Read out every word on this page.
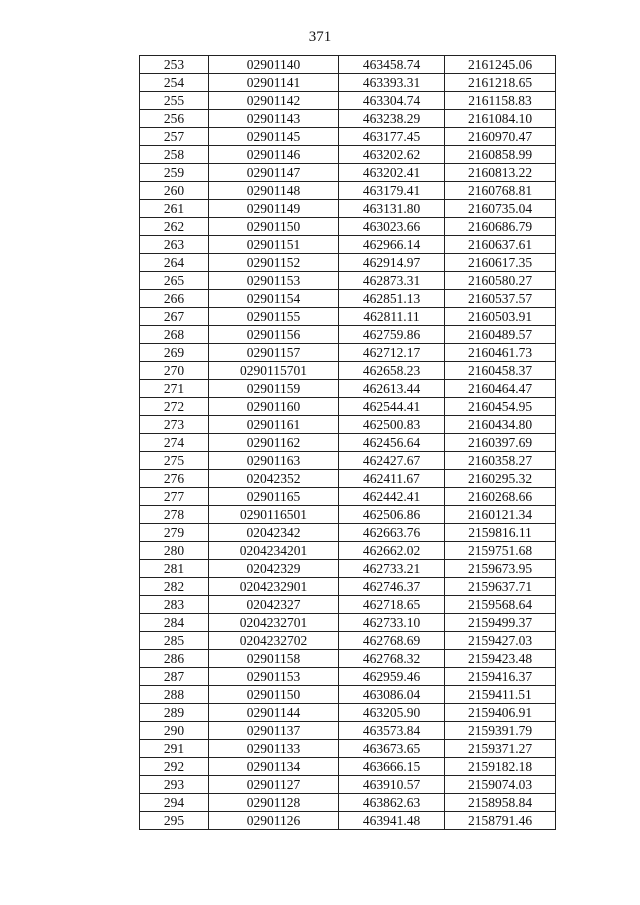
371
253	02901140	463458.74	2161245.06
254	02901141	463393.31	2161218.65
255	02901142	463304.74	2161158.83
256	02901143	463238.29	2161084.10
257	02901145	463177.45	2160970.47
258	02901146	463202.62	2160858.99
259	02901147	463202.41	2160813.22
260	02901148	463179.41	2160768.81
261	02901149	463131.80	2160735.04
262	02901150	463023.66	2160686.79
263	02901151	462966.14	2160637.61
264	02901152	462914.97	2160617.35
265	02901153	462873.31	2160580.27
266	02901154	462851.13	2160537.57
267	02901155	462811.11	2160503.91
268	02901156	462759.86	2160489.57
269	02901157	462712.17	2160461.73
270	0290115701	462658.23	2160458.37
271	02901159	462613.44	2160464.47
272	02901160	462544.41	2160454.95
273	02901161	462500.83	2160434.80
274	02901162	462456.64	2160397.69
275	02901163	462427.67	2160358.27
276	02042352	462411.67	2160295.32
277	02901165	462442.41	2160268.66
278	0290116501	462506.86	2160121.34
279	02042342	462663.76	2159816.11
280	0204234201	462662.02	2159751.68
281	02042329	462733.21	2159673.95
282	0204232901	462746.37	2159637.71
283	02042327	462718.65	2159568.64
284	0204232701	462733.10	2159499.37
285	0204232702	462768.69	2159427.03
286	02901158	462768.32	2159423.48
287	02901153	462959.46	2159416.37
288	02901150	463086.04	2159411.51
289	02901144	463205.90	2159406.91
290	02901137	463573.84	2159391.79
291	02901133	463673.65	2159371.27
292	02901134	463666.15	2159182.18
293	02901127	463910.57	2159074.03
294	02901128	463862.63	2158958.84
295	02901126	463941.48	2158791.46
